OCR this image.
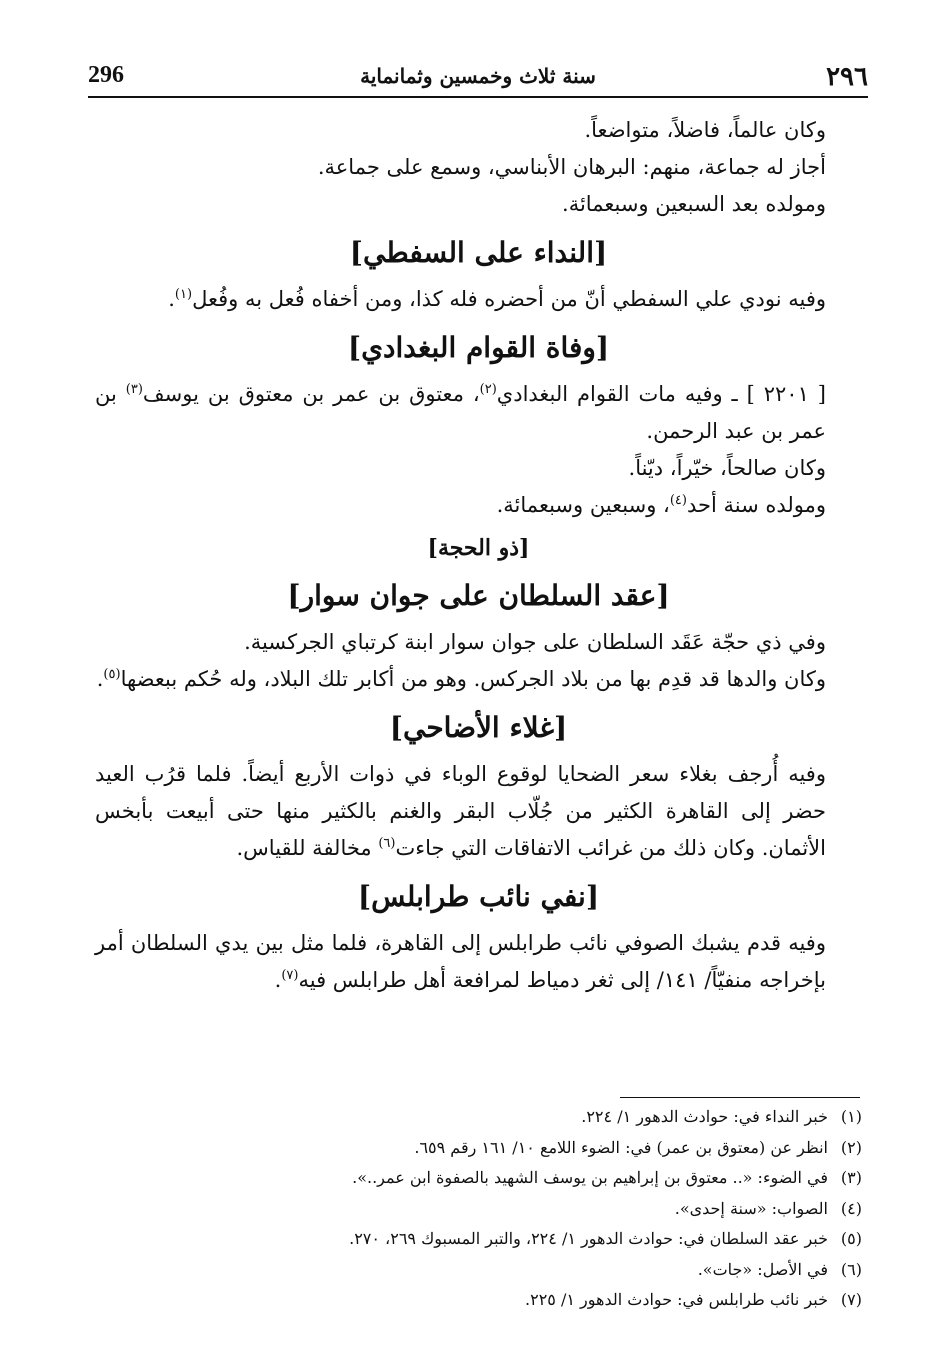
296	سنة ثلاث وخمسين وثمانماية	٢٩٦

وكان عالماً، فاضلاً، متواضعاً.

أجاز له جماعة، منهم: البرهان الأبناسي، وسمع على جماعة.

ومولده بعد السبعين وسبعمائة.

[النداء على السفطي]

وفيه نودي علي السفطي أنّ من أحضره فله كذا، ومن أخفاه فُعل به وفُعل$^{(١)}$.

[وفاة القوام البغدادي]

[ ٢٢٠١ ] ـ وفيه مات القوام البغدادي$^{(٢)}$، معتوق بن عمر بن معتوق بن يوسف$^{(٣)}$ بن عمر بن عبد الرحمن.

وكان صالحاً، خيّراً، ديّناً.

ومولده سنة أحد$^{(٤)}$، وسبعين وسبعمائة.

[ذو الحجة]
[عقد السلطان على جوان سوار]

وفي ذي حجّة عَقَد السلطان على جوان سوار ابنة كرتباي الجركسية.

وكان والدها قد قدِم بها من بلاد الجركس. وهو من أكابر تلك البلاد، وله حُكم ببعضها$^{(٥)}$.

[غلاء الأضاحي]

وفيه أُرجف بغلاء سعر الضحايا لوقوع الوباء في ذوات الأربع أيضاً. فلما قرُب العيد حضر إلى القاهرة الكثير من جُلّاب البقر والغنم بالكثير منها حتى أبيعت بأبخس الأثمان. وكان ذلك من غرائب الاتفاقات التي جاءت$^{(٦)}$ مخالفة للقياس.

[نفي نائب طرابلس]

وفيه قدم يشبك الصوفي نائب طرابلس إلى القاهرة، فلما مثل بين يدي السلطان أمر بإخراجه منفيّاً/ ١٤١/ إلى ثغر دمياط لمرافعة أهل طرابلس فيه$^{(٧)}$.

(١)خبر النداء في: حوادث الدهور ١/ ٢٢٤.

(٢)انظر عن (معتوق بن عمر) في: الضوء اللامع ١٠/ ١٦١ رقم ٦٥٩.

(٣)في الضوء: «.. معتوق بن إبراهيم بن يوسف الشهيد بالصفوة ابن عمر..».

(٤)الصواب: «سنة إحدى».

(٥)خبر عقد السلطان في: حوادث الدهور ١/ ٢٢٤، والتبر المسبوك ٢٦٩، ٢٧٠.

(٦)في الأصل: «جات».

(٧)خبر نائب طرابلس في: حوادث الدهور ١/ ٢٢٥.
